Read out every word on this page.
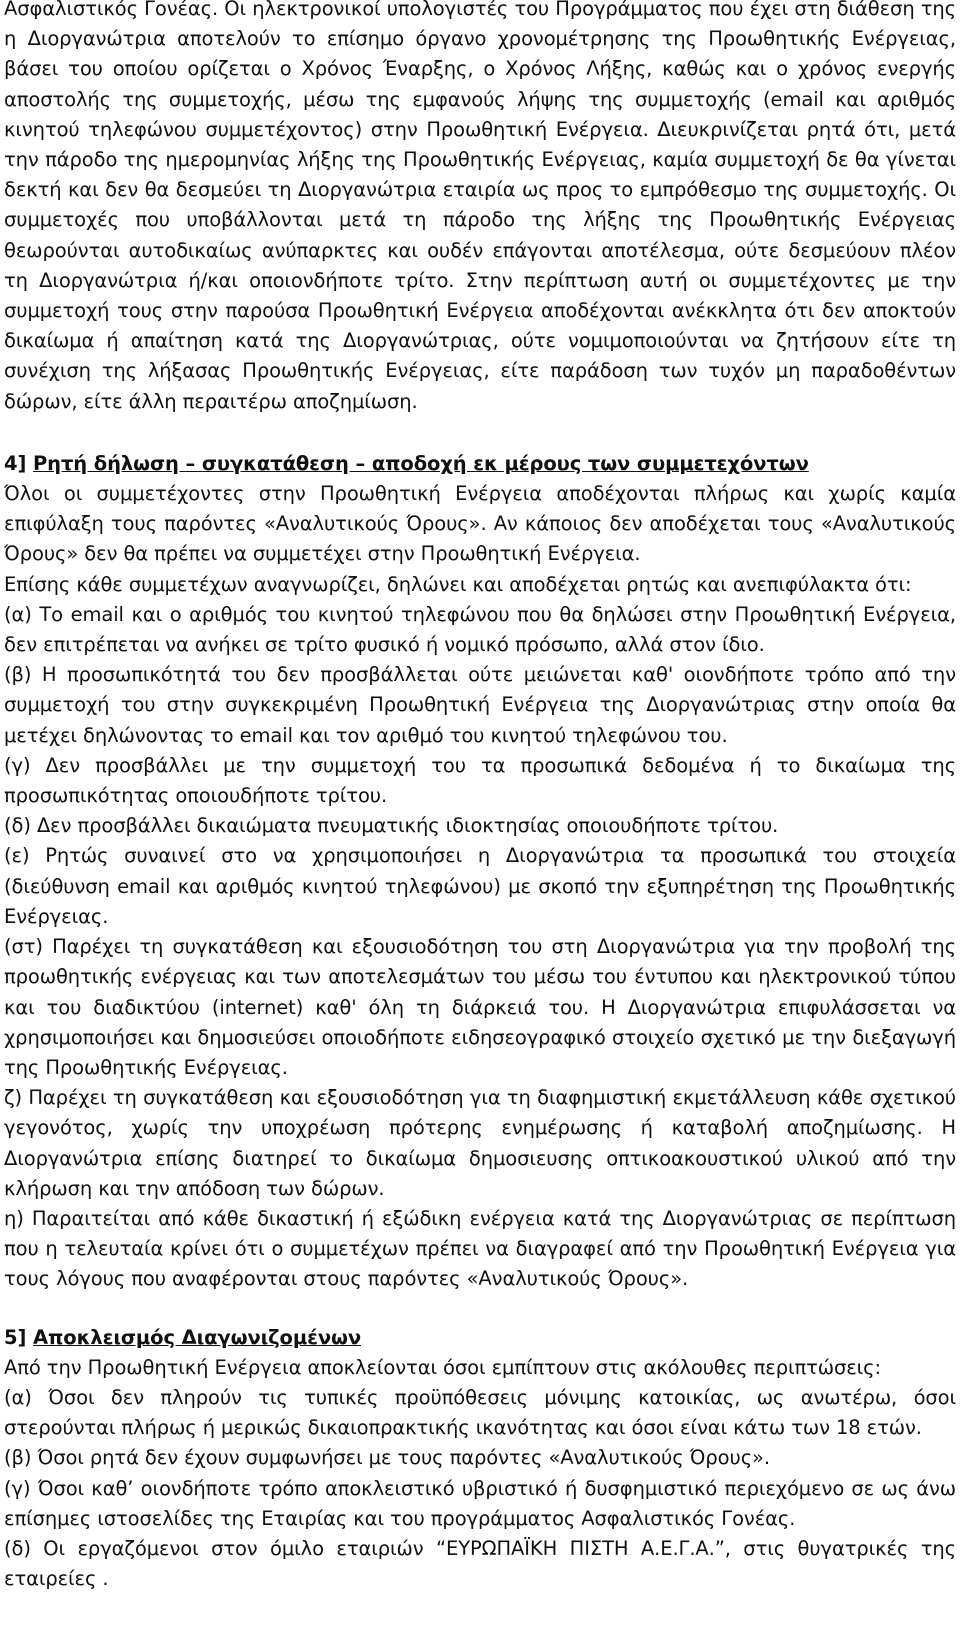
Ασφαλιστικός Γονέας. Οι ηλεκτρονικοί υπολογιστές του Προγράμματος που έχει στη διάθεση της η Διοργανώτρια αποτελούν το επίσημο όργανο χρονομέτρησης της Προωθητικής Ενέργειας, βάσει του οποίου ορίζεται ο Χρόνος Έναρξης, ο Χρόνος Λήξης, καθώς και ο χρόνος ενεργής αποστολής της συμμετοχής, μέσω της εμφανούς λήψης της συμμετοχής (email και αριθμός κινητού τηλεφώνου συμμετέχοντος) στην Προωθητική Ενέργεια. Διευκρινίζεται ρητά ότι, μετά την πάροδο της ημερομηνίας λήξης της Προωθητικής Ενέργειας, καμία συμμετοχή δε θα γίνεται δεκτή και δεν θα δεσμεύει τη Διοργανώτρια εταιρία ως προς το εμπρόθεσμο της συμμετοχής. Οι συμμετοχές που υποβάλλονται μετά τη πάροδο της λήξης της Προωθητικής Ενέργειας θεωρούνται αυτοδικαίως ανύπαρκτες και ουδέν επάγονται αποτέλεσμα, ούτε δεσμεύουν πλέον τη Διοργανώτρια ή/και οποιονδήποτε τρίτο. Στην περίπτωση αυτή οι συμμετέχοντες με την συμμετοχή τους στην παρούσα Προωθητική Ενέργεια αποδέχονται ανέκκλητα ότι δεν αποκτούν δικαίωμα ή απαίτηση κατά της Διοργανώτριας, ούτε νομιμοποιούνται να ζητήσουν είτε τη συνέχιση της λήξασας Προωθητικής Ενέργειας, είτε παράδοση των τυχόν μη παραδοθέντων δώρων, είτε άλλη περαιτέρω αποζημίωση.

4] Ρητή δήλωση – συγκατάθεση – αποδοχή εκ μέρους των συμμετεχόντων

Όλοι οι συμμετέχοντες στην Προωθητική Ενέργεια αποδέχονται πλήρως και χωρίς καμία επιφύλαξη τους παρόντες «Αναλυτικούς Όρους». Αν κάποιος δεν αποδέχεται τους «Αναλυτικούς Όρους» δεν θα πρέπει να συμμετέχει στην Προωθητική Ενέργεια.

Επίσης κάθε συμμετέχων αναγνωρίζει, δηλώνει και αποδέχεται ρητώς και ανεπιφύλακτα ότι:

(α) Το email και ο αριθμός του κινητού τηλεφώνου που θα δηλώσει στην Προωθητική Ενέργεια, δεν επιτρέπεται να ανήκει σε τρίτο φυσικό ή νομικό πρόσωπο, αλλά στον ίδιο.

(β) Η προσωπικότητά του δεν προσβάλλεται ούτε μειώνεται καθ' οιονδήποτε τρόπο από την συμμετοχή του στην συγκεκριμένη Προωθητική Ενέργεια της Διοργανώτριας στην οποία θα μετέχει δηλώνοντας το email και τον αριθμό του κινητού τηλεφώνου του.

(γ) Δεν προσβάλλει με την συμμετοχή του τα προσωπικά δεδομένα ή το δικαίωμα της προσωπικότητας οποιουδήποτε τρίτου.

(δ) Δεν προσβάλλει δικαιώματα πνευματικής ιδιοκτησίας οποιουδήποτε τρίτου.

(ε) Ρητώς συναινεί στο να χρησιμοποιήσει η Διοργανώτρια τα προσωπικά του στοιχεία (διεύθυνση email και αριθμός κινητού τηλεφώνου) με σκοπό την εξυπηρέτηση της Προωθητικής Ενέργειας.

(στ) Παρέχει τη συγκατάθεση και εξουσιοδότηση του στη Διοργανώτρια για την προβολή της προωθητικής ενέργειας και των αποτελεσμάτων του μέσω του έντυπου και ηλεκτρονικού τύπου και του διαδικτύου (internet) καθ' όλη τη διάρκειά του. Η Διοργανώτρια επιφυλάσσεται να χρησιμοποιήσει και δημοσιεύσει οποιοδήποτε ειδησεογραφικό στοιχείο σχετικό με την διεξαγωγή της Προωθητικής Ενέργειας.

ζ) Παρέχει τη συγκατάθεση και εξουσιοδότηση για τη διαφημιστική εκμετάλλευση κάθε σχετικού γεγονότος, χωρίς την υποχρέωση πρότερης ενημέρωσης ή καταβολή αποζημίωσης. Η Διοργανώτρια επίσης διατηρεί το δικαίωμα δημοσιευσης οπτικοακουστικού υλικού από την κλήρωση και την απόδοση των δώρων.

η) Παραιτείται από κάθε δικαστική ή εξώδικη ενέργεια κατά της Διοργανώτριας σε περίπτωση που η τελευταία κρίνει ότι ο συμμετέχων πρέπει να διαγραφεί από την Προωθητική Ενέργεια για τους λόγους που αναφέρονται στους παρόντες «Αναλυτικούς Όρους».

5] Αποκλεισμός Διαγωνιζομένων

Από την Προωθητική Ενέργεια αποκλείονται όσοι εμπίπτουν στις ακόλουθες περιπτώσεις:

(α) Όσοι δεν πληρούν τις τυπικές προϋπόθεσεις μόνιμης κατοικίας, ως ανωτέρω, όσοι στερούνται πλήρως ή μερικώς δικαιοπρακτικής ικανότητας και όσοι είναι κάτω των 18 ετών.

(β) Όσοι ρητά δεν έχουν συμφωνήσει με τους παρόντες «Αναλυτικούς Όρους».

(γ) Όσοι καθ’ οιονδήποτε τρόπο αποκλειστικό υβριστικό ή δυσφημιστικό περιεχόμενο σε ως άνω επίσημες ιστοσελίδες της Εταιρίας και του προγράμματος Ασφαλιστικός Γονέας.

(δ) Οι εργαζόμενοι στον όμιλο εταιριών “ΕΥΡΩΠΑΪΚΗ ΠΙΣΤΗ Α.Ε.Γ.Α.”, στις θυγατρικές της εταιρείες .
